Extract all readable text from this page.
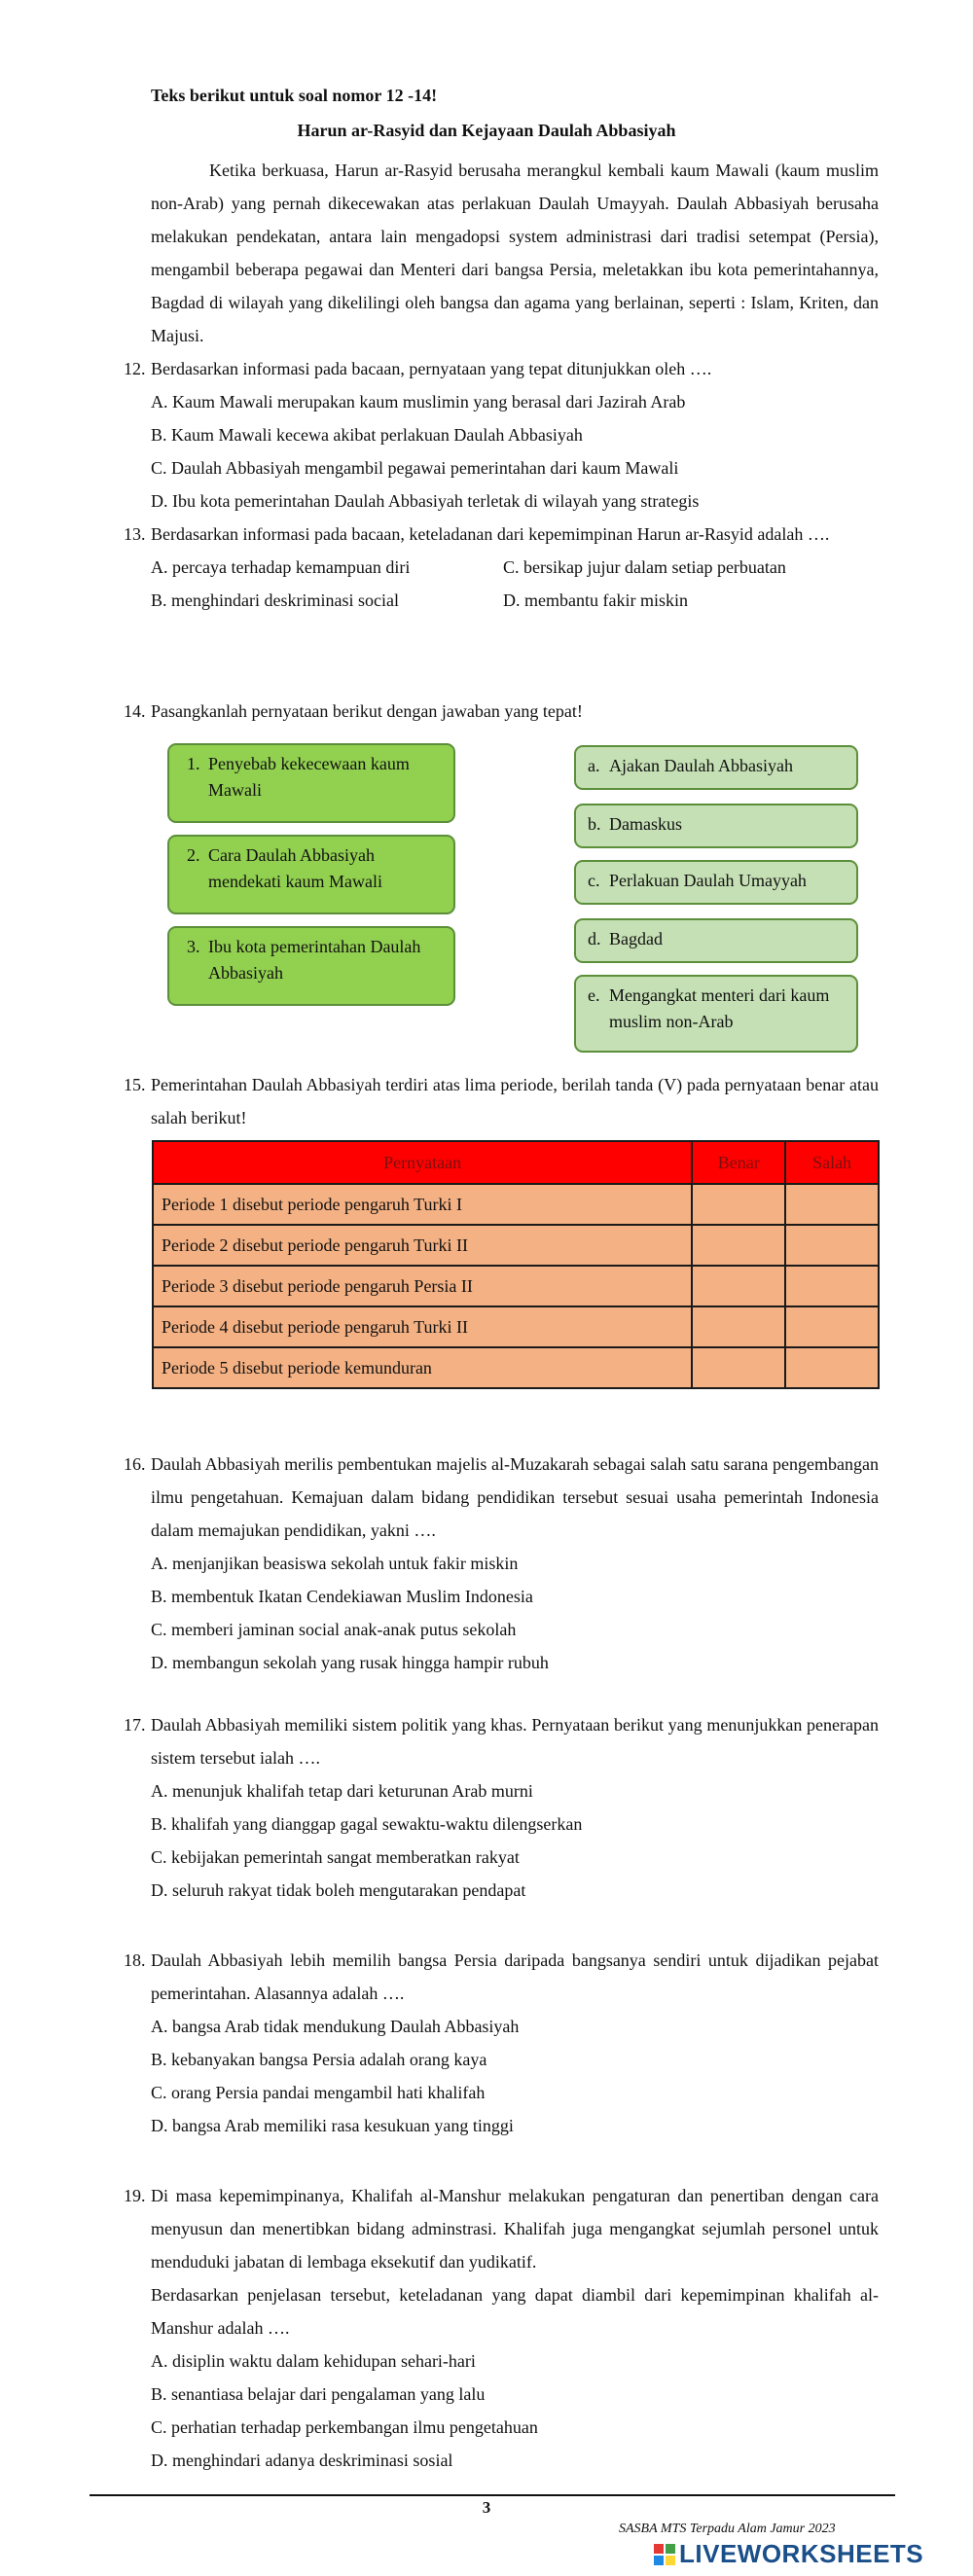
Teks berikut untuk soal nomor 12 -14!
Harun ar-Rasyid dan Kejayaan Daulah Abbasiyah

Ketika berkuasa, Harun ar-Rasyid berusaha merangkul kembali kaum Mawali (kaum muslim non-Arab) yang pernah dikecewakan atas perlakuan Daulah Umayyah. Daulah Abbasiyah berusaha melakukan pendekatan, antara lain mengadopsi system administrasi dari tradisi setempat (Persia), mengambil beberapa pegawai dan Menteri dari bangsa Persia, meletakkan ibu kota pemerintahannya, Bagdad di wilayah yang dikelilingi oleh bangsa dan agama yang berlainan, seperti : Islam, Kriten, dan Majusi.

12. Berdasarkan informasi pada bacaan, pernyataan yang tepat ditunjukkan oleh ….
A. Kaum Mawali merupakan kaum muslimin yang berasal dari Jazirah Arab
B. Kaum Mawali kecewa akibat perlakuan Daulah Abbasiyah
C. Daulah Abbasiyah mengambil pegawai pemerintahan dari kaum Mawali
D. Ibu kota pemerintahan Daulah Abbasiyah terletak di wilayah yang strategis
13. Berdasarkan informasi pada bacaan, keteladanan dari kepemimpinan Harun ar-Rasyid adalah ….
A. percaya terhadap kemampuan diri	C. bersikap jujur dalam setiap perbuatan
B. menghindari deskriminasi social	D. membantu fakir miskin
14. Pasangkanlah pernyataan berikut dengan jawaban yang tepat!
1. Penyebab kekecewaan kaum Mawali
2. Cara Daulah Abbasiyah mendekati kaum Mawali
3. Ibu kota pemerintahan Daulah Abbasiyah
a. Ajakan Daulah Abbasiyah
b. Damaskus
c. Perlakuan Daulah Umayyah
d. Bagdad
e. Mengangkat menteri dari kaum muslim non-Arab
15. Pemerintahan Daulah Abbasiyah terdiri atas lima periode, berilah tanda (V) pada pernyataan benar atau salah berikut!
Pernyataan	Benar	Salah
Periode 1 disebut periode pengaruh Turki I		
Periode 2 disebut periode pengaruh Turki II		
Periode 3 disebut periode pengaruh Persia II		
Periode 4 disebut periode pengaruh Turki II		
Periode 5 disebut periode kemunduran		
16. Daulah Abbasiyah merilis pembentukan majelis al-Muzakarah sebagai salah satu sarana pengembangan ilmu pengetahuan. Kemajuan dalam bidang pendidikan tersebut sesuai usaha pemerintah Indonesia dalam memajukan pendidikan, yakni ….
A. menjanjikan beasiswa sekolah untuk fakir miskin
B. membentuk Ikatan Cendekiawan Muslim Indonesia
C. memberi jaminan social anak-anak putus sekolah
D. membangun sekolah yang rusak hingga hampir rubuh
17. Daulah Abbasiyah memiliki sistem politik yang khas. Pernyataan berikut yang menunjukkan penerapan sistem tersebut ialah ….
A. menunjuk khalifah tetap dari keturunan Arab murni
B. khalifah yang dianggap gagal sewaktu-waktu dilengserkan
C. kebijakan pemerintah sangat memberatkan rakyat
D. seluruh rakyat tidak boleh mengutarakan pendapat
18. Daulah Abbasiyah lebih memilih bangsa Persia daripada bangsanya sendiri untuk dijadikan pejabat pemerintahan. Alasannya adalah ….
A. bangsa Arab tidak mendukung Daulah Abbasiyah
B. kebanyakan bangsa Persia adalah orang kaya
C. orang Persia pandai mengambil hati khalifah
D. bangsa Arab memiliki rasa kesukuan yang tinggi
19. Di masa kepemimpinanya, Khalifah al-Manshur melakukan pengaturan dan penertiban dengan cara menyusun dan menertibkan bidang adminstrasi. Khalifah juga mengangkat sejumlah personel untuk menduduki jabatan di lembaga eksekutif dan yudikatif.
Berdasarkan penjelasan tersebut, keteladanan yang dapat diambil dari kepemimpinan khalifah al-Manshur adalah ….
A. disiplin waktu dalam kehidupan sehari-hari
B. senantiasa belajar dari pengalaman yang lalu
C. perhatian terhadap perkembangan ilmu pengetahuan
D. menghindari adanya deskriminasi sosial
3
SASBA MTS Terpadu Alam Jamur 2023
LIVEWORKSHEETS
